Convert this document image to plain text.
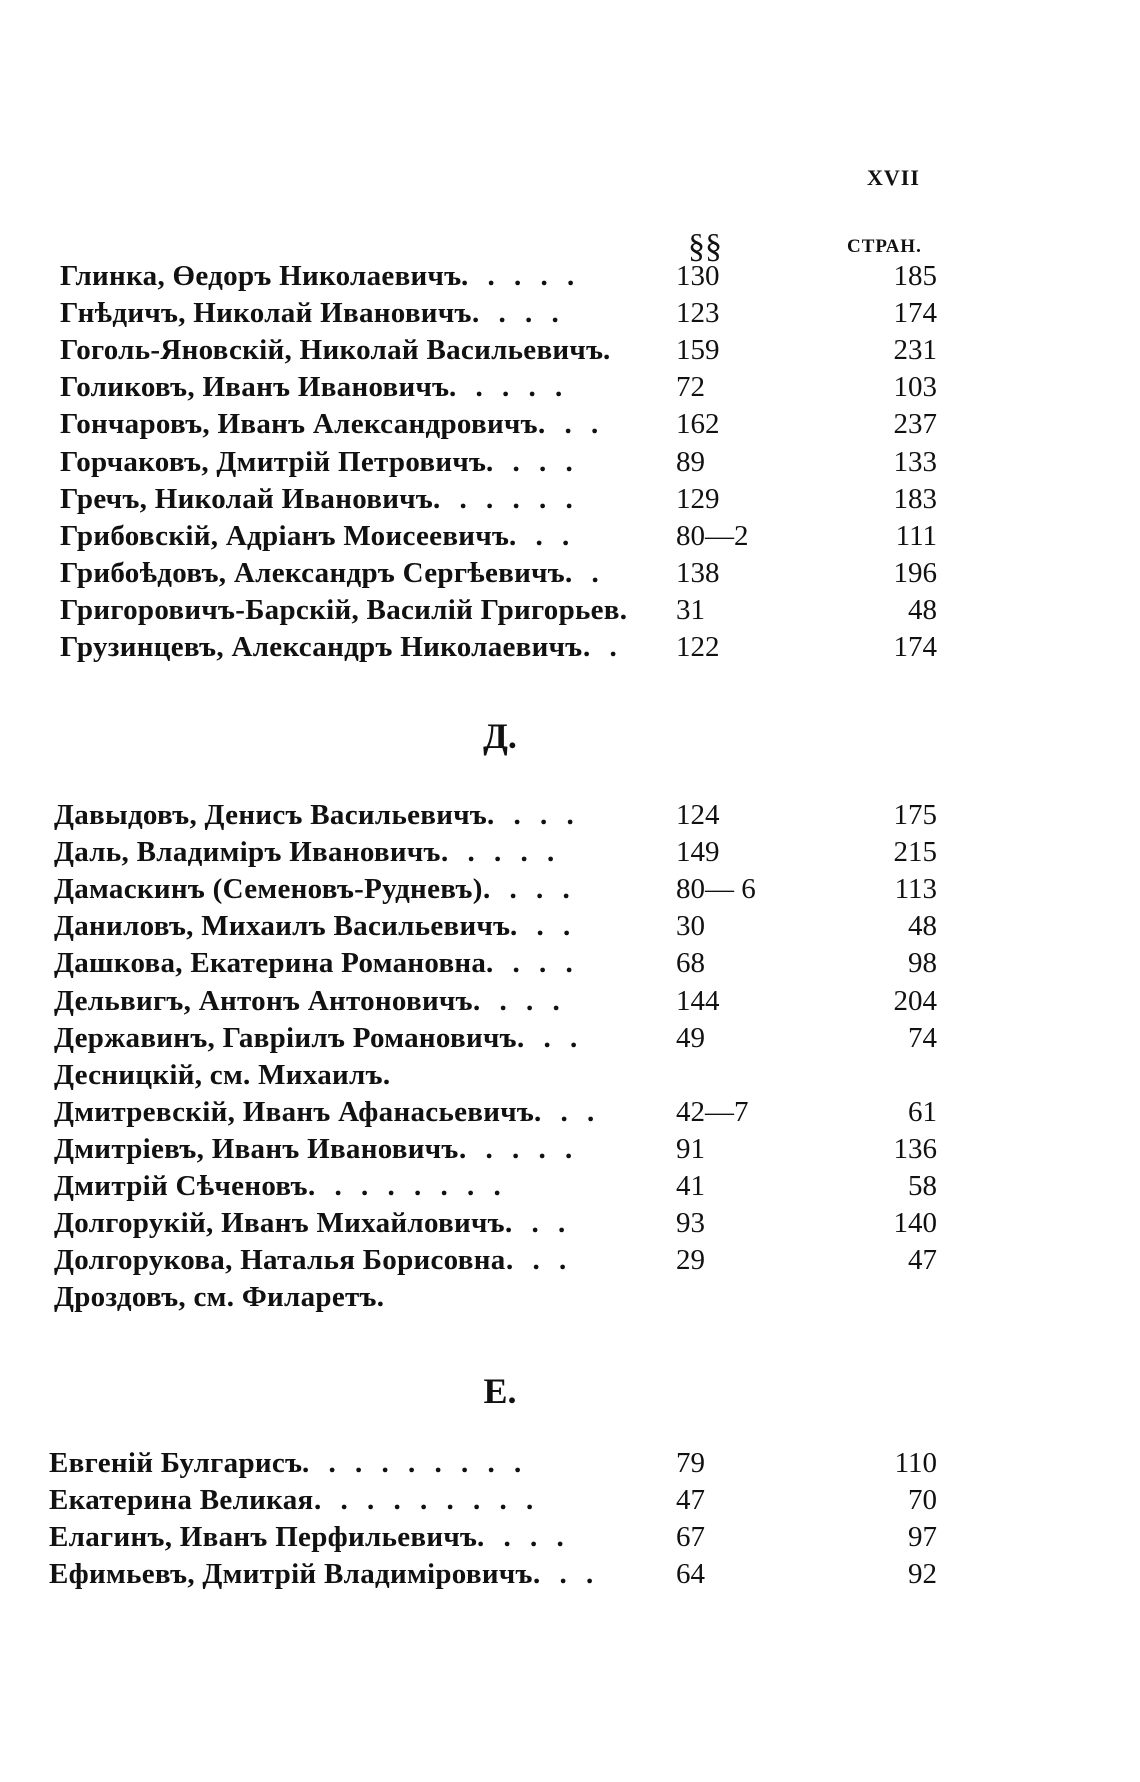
XVII
§§	СТРАН.
Глинка, Өедоръ Николаевичъ . . . . .	130	185
Гнѣдичъ, Николай Ивановичъ . . . .	123	174
Гоголь-Яновскій, Николай Васильевичъ . 159	231
Голиковъ, Иванъ Ивановичъ . . . . .	72	103
Гончаровъ, Иванъ Александровичъ . . . 162	237
Горчаковъ, Дмитрій Петровичъ . . . .	89	133
Гречъ, Николай Ивановичъ . . . . . .	129	183
Грибовскій, Адріанъ Моисеевичъ . . .	80—2	111
Грибоѣдовъ, Александръ Сергѣевичъ . . 138	196
Григоровичъ-Барскій, Василій Григорьев. 31	48
Грузинцевъ, Александръ Николаевичъ . . 122	174
Д.
Давыдовъ, Денисъ Васильевичъ . . . .	124	175
Даль, Владиміръ Ивановичъ . . . . .	149	215
Дамаскинъ (Семеновъ-Рудневъ) . . . .	80— 6	113
Даниловъ, Михаилъ Васильевичъ . . .	30	48
Дашкова, Екатерина Романовна . . . .	68	98
Дельвигъ, Антонъ Антоновичъ . . . .	144	204
Державинъ, Гавріилъ Романовичъ . . .	49	74
Десницкій, см. Михаилъ.
Дмитревскій, Иванъ Афанасьевичъ . . .	42—7	61
Дмитріевъ, Иванъ Ивановичъ . . . . .	91	136
Дмитрій Сѣченовъ . . . . . . . .	41	58
Долгорукій, Иванъ Михайловичъ . . .	93	140
Долгорукова, Наталья Борисовна . . .	29	47
Дроздовъ, см. Филаретъ.
Е.
Евгеній Булгарисъ . . . . . . . . .	79	110
Екатерина Великая . . . . . . . . .	47	70
Елагинъ, Иванъ Перфильевичъ . . . .	67	97
Ефимьевъ, Дмитрій Владиміровичъ . . .	64	92
